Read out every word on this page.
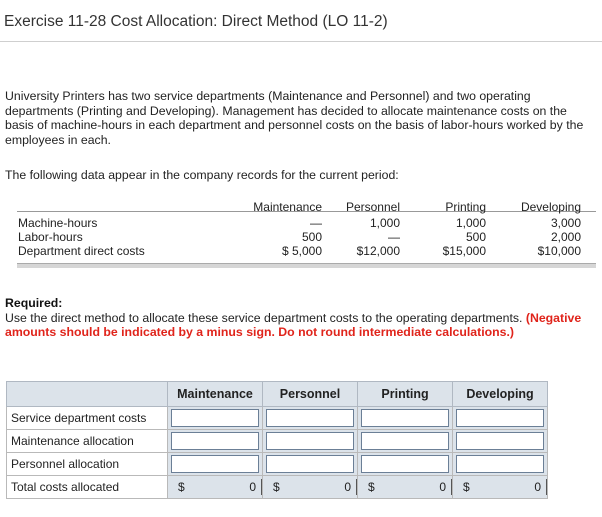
Exercise 11-28 Cost Allocation: Direct Method (LO 11-2)
University Printers has two service departments (Maintenance and Personnel) and two operating departments (Printing and Developing). Management has decided to allocate maintenance costs on the basis of machine-hours in each department and personnel costs on the basis of labor-hours worked by the employees in each.
The following data appear in the company records for the current period:
Maintenance	Personnel	Printing	Developing
Machine-hours	—	1,000	1,000	3,000
Labor-hours	500	—	500	2,000
Department direct costs	$ 5,000	$12,000	$15,000	$10,000
Required:
Use the direct method to allocate these service department costs to the operating departments. (Negative amounts should be indicated by a minus sign. Do not round intermediate calculations.)
	Maintenance	Personnel	Printing	Developing
Service department costs	

Maintenance allocation	

Personnel allocation	

Total costs allocated	$ 0	$ 0	$ 0	$ 0
